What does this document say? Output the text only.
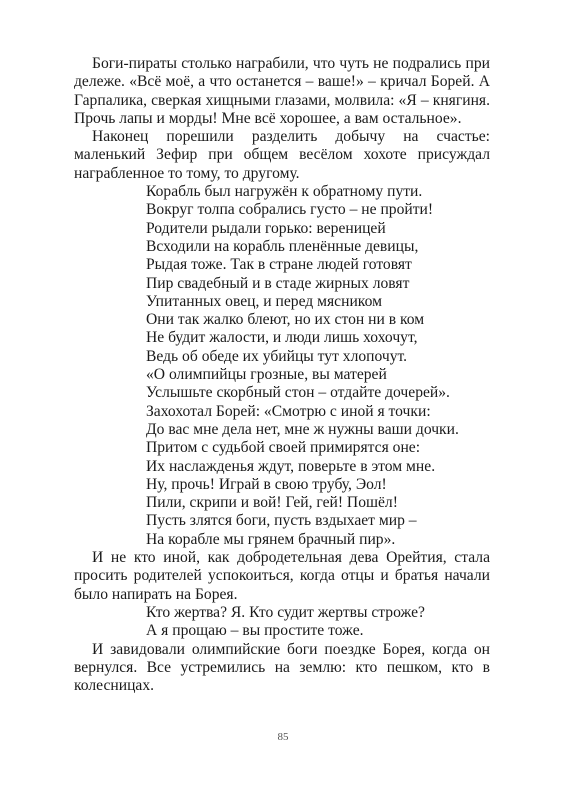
Боги-пираты столько награбили, что чуть не подрались при дележе. «Всё моё, а что останется – ваше!» – кричал Борей. А Гарпалика, сверкая хищными глазами, молвила: «Я – княгиня. Прочь лапы и морды! Мне всё хорошее, а вам остальное».

Наконец порешили разделить добычу на счастье: маленький Зефир при общем весёлом хохоте присуждал награбленное то тому, то другому.

Корабль был нагружён к обратному пути.
Вокруг толпа собрались густо – не пройти!
Родители рыдали горько: вереницей
Всходили на корабль пленённые девицы,
Рыдая тоже. Так в стране людей готовят
Пир свадебный и в стаде жирных ловят
Упитанных овец, и перед мясником
Они так жалко блеют, но их стон ни в ком
Не будит жалости, и люди лишь хохочут,
Ведь об обеде их убийцы тут хлопочут.
«О олимпийцы грозные, вы матерей
Услышьте скорбный стон – отдайте дочерей».
Захохотал Борей: «Смотрю с иной я точки:
До вас мне дела нет, мне ж нужны ваши дочки.
Притом с судьбой своей примирятся оне:
Их наслажденья ждут, поверьте в этом мне.
Ну, прочь! Играй в свою трубу, Эол!
Пили, скрипи и вой! Гей, гей! Пошёл!
Пусть злятся боги, пусть вздыхает мир –
На корабле мы грянем брачный пир».

И не кто иной, как добродетельная дева Орейтия, стала просить родителей успокоиться, когда отцы и братья начали было напирать на Борея.

Кто жертва? Я. Кто судит жертвы строже?
А я прощаю – вы простите тоже.

И завидовали олимпийские боги поездке Борея, когда он вернулся. Все устремились на землю: кто пешком, кто в колесницах.

85
